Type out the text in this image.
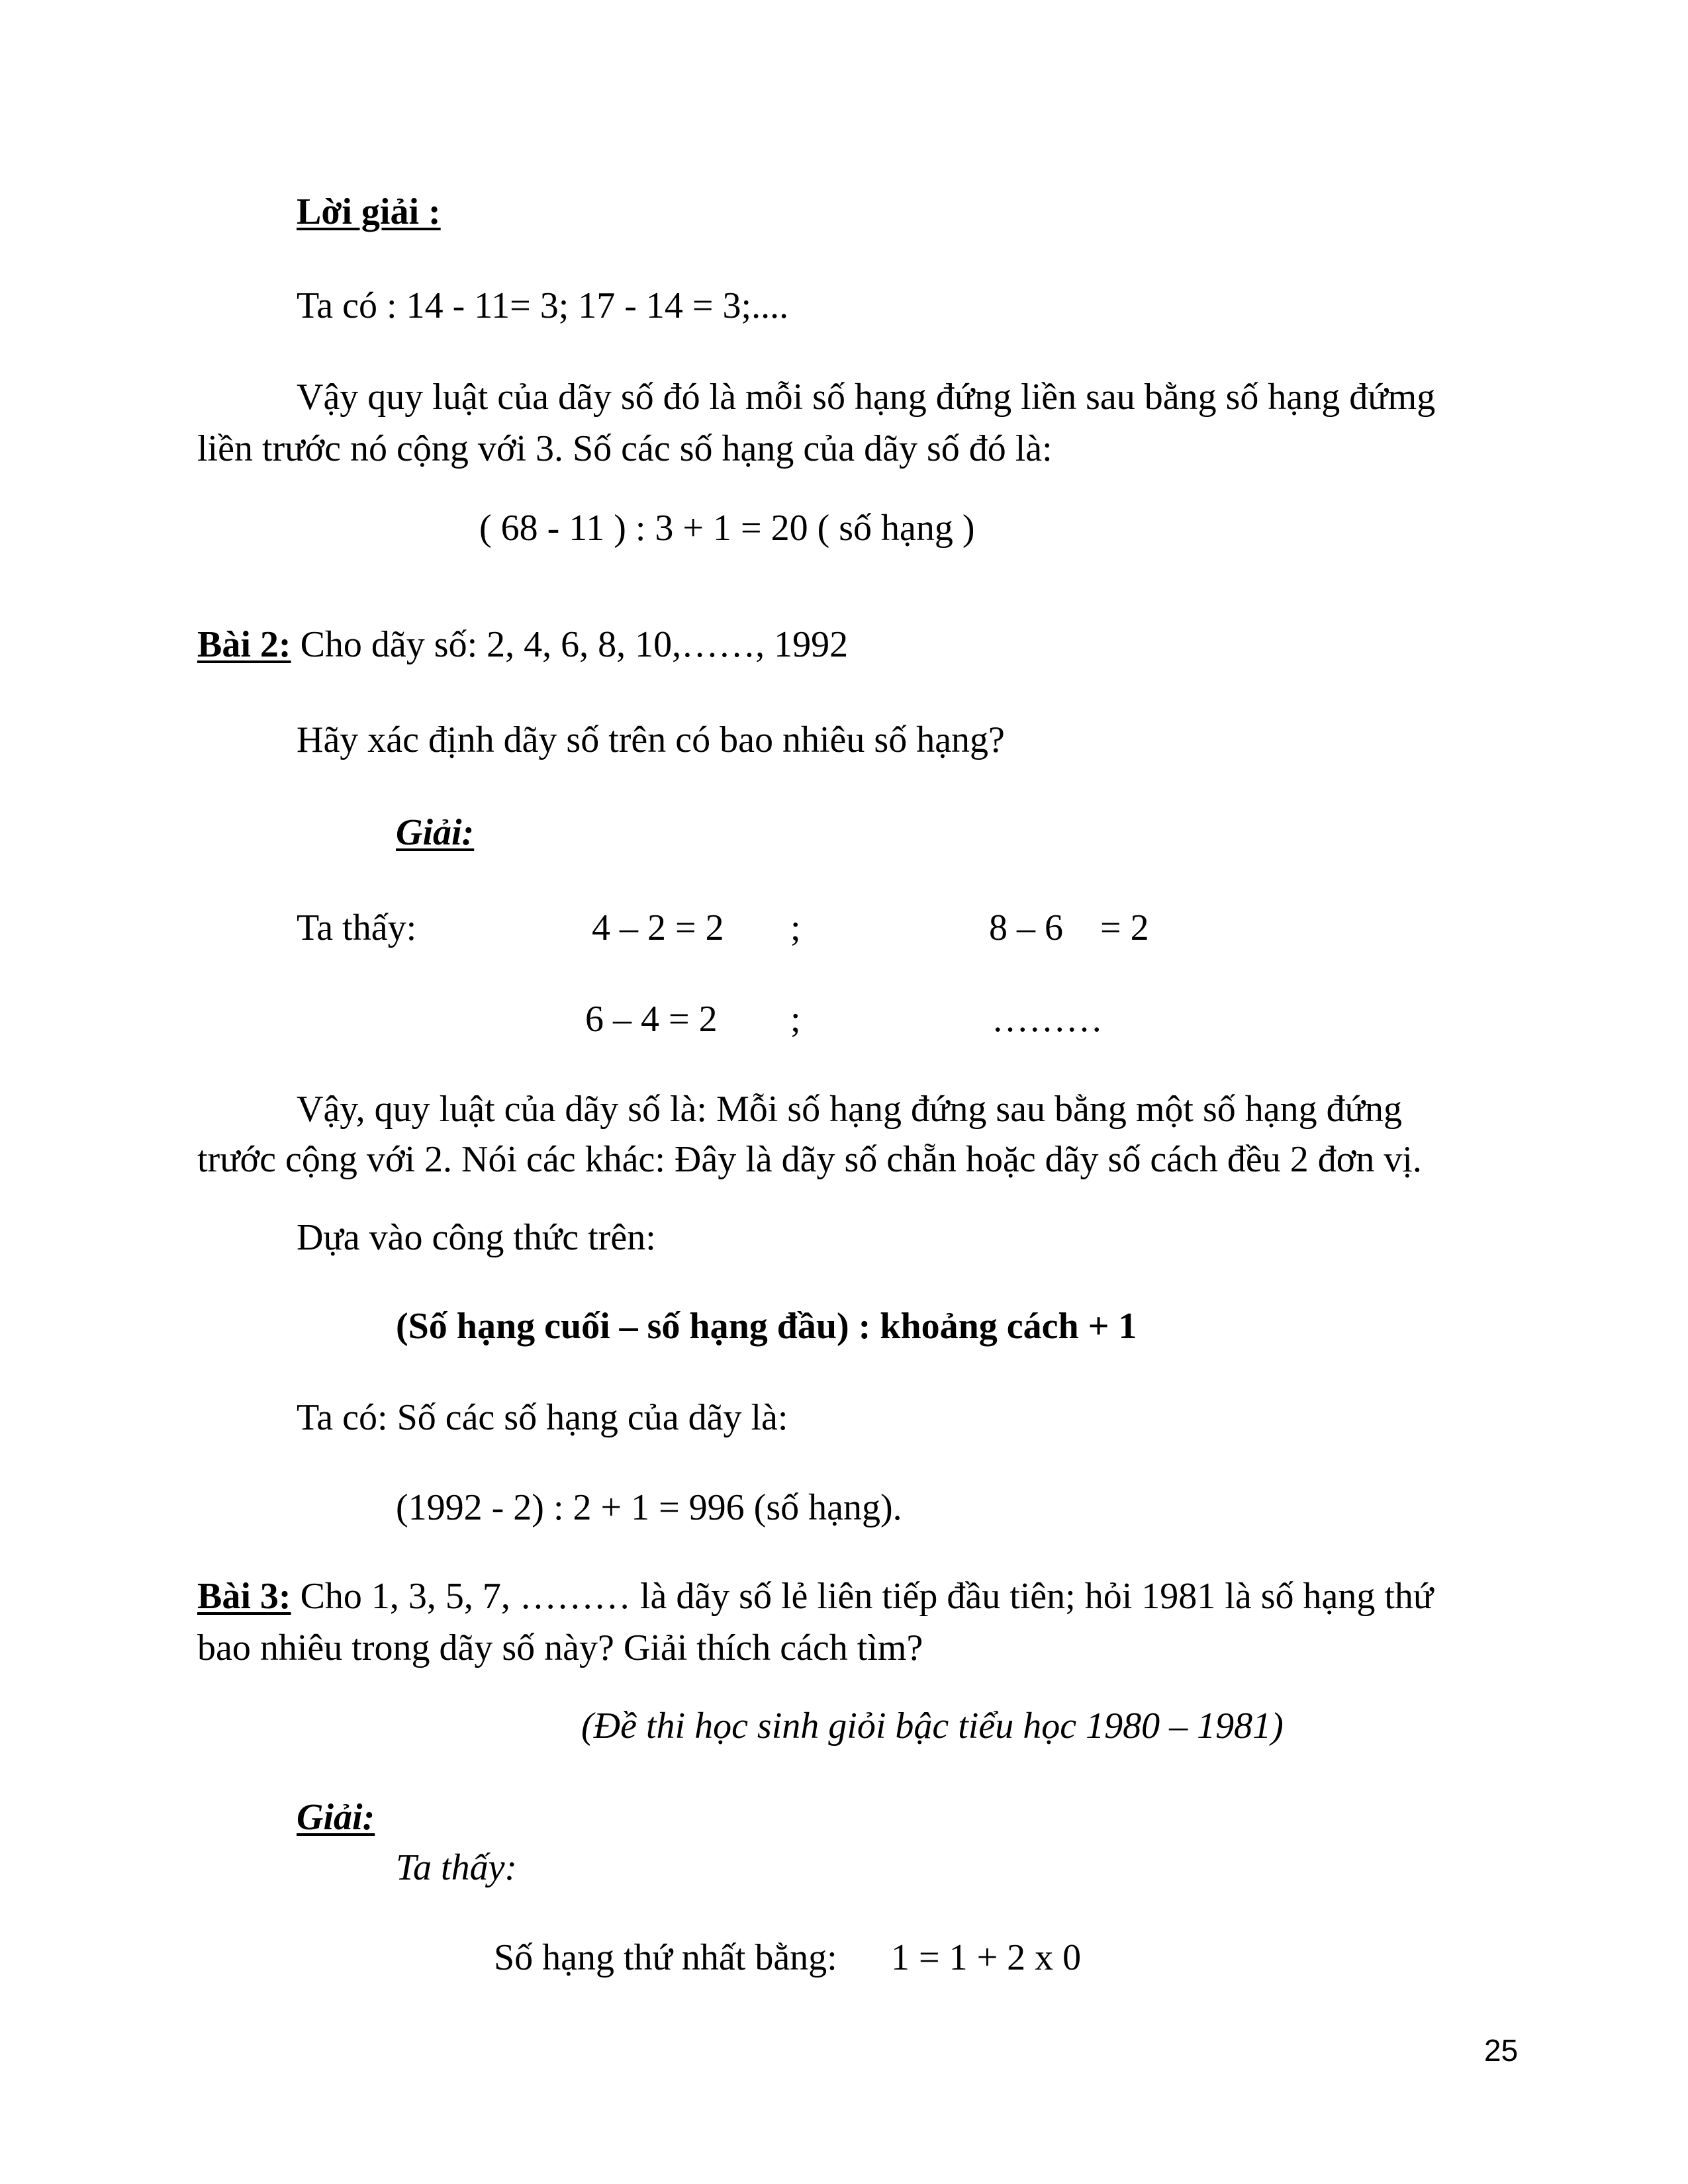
Lời giải :
Ta có : 14 - 11= 3; 17 - 14 = 3;....
Vậy quy luật của dãy số đó là mỗi số hạng đứng liền sau bằng số hạng đứmg
liền trước nó cộng với 3. Số các số hạng của dãy số đó là:
( 68 - 11 ) : 3 + 1 = 20 ( số hạng )
Bài 2: Cho dãy số: 2, 4, 6, 8, 10,……, 1992
Hãy xác định dãy số trên có bao nhiêu số hạng?
Giải:
Ta thấy:	4 – 2 = 2 ;	8 – 6    = 2
6 – 4 = 2 ;	………
Vậy, quy luật của dãy số là: Mỗi số hạng đứng sau bằng một số hạng đứng
trước cộng với 2. Nói các khác: Đây là dãy số chẵn hoặc dãy số cách đều 2 đơn vị.
Dựa vào công thức trên:
(Số hạng cuối – số hạng đầu) : khoảng cách + 1
Ta có: Số các số hạng của dãy là:
(1992 - 2) : 2 + 1 = 996 (số hạng).
Bài 3: Cho 1, 3, 5, 7, ……… là dãy số lẻ liên tiếp đầu tiên; hỏi 1981 là số hạng thứ
bao nhiêu trong dãy số này? Giải thích cách tìm?
(Đề thi học sinh giỏi bậc tiểu học 1980 – 1981)
Giải:
Ta thấy:
Số hạng thứ nhất bằng: 1 = 1 + 2 x 0
25
